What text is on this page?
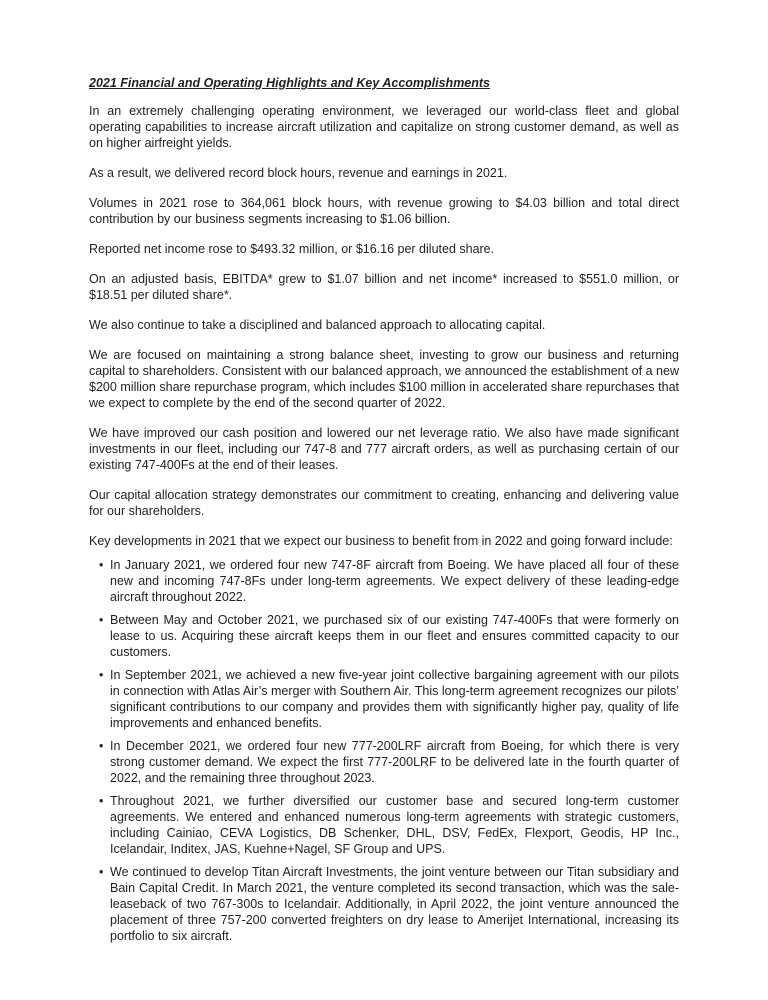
2021 Financial and Operating Highlights and Key Accomplishments

In an extremely challenging operating environment, we leveraged our world-class fleet and global operating capabilities to increase aircraft utilization and capitalize on strong customer demand, as well as on higher airfreight yields.

As a result, we delivered record block hours, revenue and earnings in 2021.

Volumes in 2021 rose to 364,061 block hours, with revenue growing to $4.03 billion and total direct contribution by our business segments increasing to $1.06 billion.

Reported net income rose to $493.32 million, or $16.16 per diluted share.

On an adjusted basis, EBITDA* grew to $1.07 billion and net income* increased to $551.0 million, or $18.51 per diluted share*.

We also continue to take a disciplined and balanced approach to allocating capital.

We are focused on maintaining a strong balance sheet, investing to grow our business and returning capital to shareholders. Consistent with our balanced approach, we announced the establishment of a new $200 million share repurchase program, which includes $100 million in accelerated share repurchases that we expect to complete by the end of the second quarter of 2022.

We have improved our cash position and lowered our net leverage ratio. We also have made significant investments in our fleet, including our 747-8 and 777 aircraft orders, as well as purchasing certain of our existing 747-400Fs at the end of their leases.

Our capital allocation strategy demonstrates our commitment to creating, enhancing and delivering value for our shareholders.

Key developments in 2021 that we expect our business to benefit from in 2022 and going forward include:

• In January 2021, we ordered four new 747-8F aircraft from Boeing. We have placed all four of these new and incoming 747-8Fs under long-term agreements. We expect delivery of these leading-edge aircraft throughout 2022.
• Between May and October 2021, we purchased six of our existing 747-400Fs that were formerly on lease to us. Acquiring these aircraft keeps them in our fleet and ensures committed capacity to our customers.
• In September 2021, we achieved a new five-year joint collective bargaining agreement with our pilots in connection with Atlas Air’s merger with Southern Air. This long-term agreement recognizes our pilots’ significant contributions to our company and provides them with significantly higher pay, quality of life improvements and enhanced benefits.
• In December 2021, we ordered four new 777-200LRF aircraft from Boeing, for which there is very strong customer demand. We expect the first 777-200LRF to be delivered late in the fourth quarter of 2022, and the remaining three throughout 2023.
• Throughout 2021, we further diversified our customer base and secured long-term customer agreements. We entered and enhanced numerous long-term agreements with strategic customers, including Cainiao, CEVA Logistics, DB Schenker, DHL, DSV, FedEx, Flexport, Geodis, HP Inc., Icelandair, Inditex, JAS, Kuehne+Nagel, SF Group and UPS.
• We continued to develop Titan Aircraft Investments, the joint venture between our Titan subsidiary and Bain Capital Credit. In March 2021, the venture completed its second transaction, which was the sale-leaseback of two 767-300s to Icelandair. Additionally, in April 2022, the joint venture announced the placement of three 757-200 converted freighters on dry lease to Amerijet International, increasing its portfolio to six aircraft.
